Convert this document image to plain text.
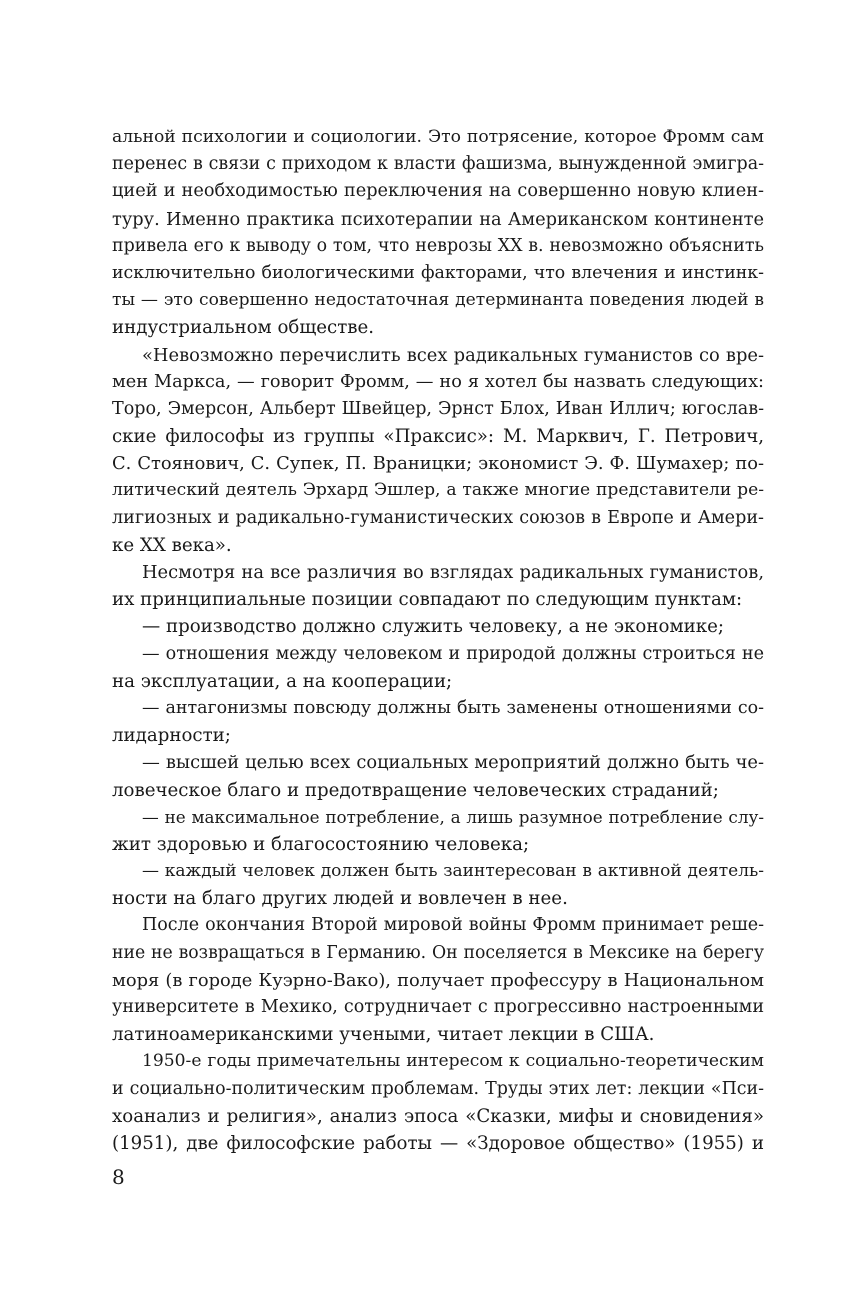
альной психологии и социологии. Это потрясение, которое Фромм сам
перенес в связи с приходом к власти фашизма, вынужденной эмигра-
цией и необходимостью переключения на совершенно новую клиен-
туру. Именно практика психотерапии на Американском континенте
привела его к выводу о том, что неврозы XX в. невозможно объяснить
исключительно биологическими факторами, что влечения и инстинк-
ты — это совершенно недостаточная детерминанта поведения людей в
индустриальном обществе.
«Невозможно перечислить всех радикальных гуманистов со вре-
мен Маркса, — говорит Фромм, — но я хотел бы назвать следующих:
Торо, Эмерсон, Альберт Швейцер, Эрнст Блох, Иван Иллич; югослав-
ские философы из группы «Праксис»: М. Марквич, Г. Петрович,
С. Стоянович, С. Супек, П. Враницки; экономист Э. Ф. Шумахер; по-
литический деятель Эрхард Эшлер, а также многие представители ре-
лигиозных и радикально-гуманистических союзов в Европе и Амери-
ке XX века».
Несмотря на все различия во взглядах радикальных гуманистов,
их принципиальные позиции совпадают по следующим пунктам:
— производство должно служить человеку, а не экономике;
— отношения между человеком и природой должны строиться не
на эксплуатации, а на кооперации;
— антагонизмы повсюду должны быть заменены отношениями со-
лидарности;
— высшей целью всех социальных мероприятий должно быть че-
ловеческое благо и предотвращение человеческих страданий;
— не максимальное потребление, а лишь разумное потребление слу-
жит здоровью и благосостоянию человека;
— каждый человек должен быть заинтересован в активной деятель-
ности на благо других людей и вовлечен в нее.
После окончания Второй мировой войны Фромм принимает реше-
ние не возвращаться в Германию. Он поселяется в Мексике на берегу
моря (в городе Куэрно-Вако), получает профессуру в Национальном
университете в Мехико, сотрудничает с прогрессивно настроенными
латиноамериканскими учеными, читает лекции в США.
1950-е годы примечательны интересом к социально-теоретическим
и социально-политическим проблемам. Труды этих лет: лекции «Пси-
хоанализ и религия», анализ эпоса «Сказки, мифы и сновидения»
(1951), две философские работы — «Здоровое общество» (1955) и
8
